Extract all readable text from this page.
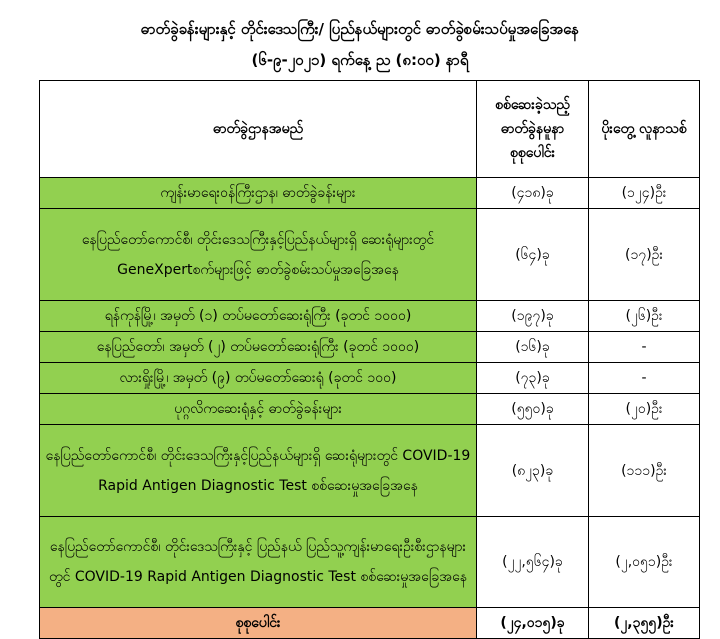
ဓာတ်ခွဲခန်းများနှင့် တိုင်းဒေသကြီး/ ပြည်နယ်များတွင် ဓာတ်ခွဲစမ်းသပ်မှုအခြေအနေ
(၆-၉-၂၀၂၁) ရက်နေ့ ည (၈:၀၀) နာရီ
ဓာတ်ခွဲဌာနအမည်	စစ်ဆေးခဲ့သည့် ဓာတ်ခွဲနမူနာ စုစုပေါင်း	ပိုးတွေ့ လူနာသစ်
ကျန်းမာရေးဝန်ကြီးဌာန၊ ဓာတ်ခွဲခန်းများ	(၄၁၈)ခု	(၁၂၄)ဦး
နေပြည်တော်ကောင်စီ၊ တိုင်းဒေသကြီးနှင့်ပြည်နယ်များရှိ ဆေးရုံများတွင် GeneXpertစက်များဖြင့် ဓာတ်ခွဲစမ်းသပ်မှုအခြေအနေ	(၆၄)ခု	(၁၇)ဦး
ရန်ကုန်မြို့၊ အမှတ် (၁) တပ်မတော်ဆေးရုံကြီး (ခုတင် ၁၀၀၀)	(၁၉၇)ခု	(၂၆)ဦး
နေပြည်တော်၊ အမှတ် (၂) တပ်မတော်ဆေးရုံကြီး (ခုတင် ၁၀၀၀)	(၁၆)ခု	-
လားရှိုးမြို့၊ အမှတ် (၉) တပ်မတော်ဆေးရုံ (ခုတင် ၁၀၀)	(၇၃)ခု	-
ပုဂ္ဂလိကဆေးရုံနှင့် ဓာတ်ခွဲခန်းများ	(၅၅၀)ခု	(၂၀)ဦး
နေပြည်တော်ကောင်စီ၊ တိုင်းဒေသကြီးနှင့်ပြည်နယ်များရှိ ဆေးရုံများတွင် COVID-19 Rapid Antigen Diagnostic Test စစ်ဆေးမှုအခြေအနေ	(၈၂၃)ခု	(၁၁၁)ဦး
နေပြည်တော်ကောင်စီ၊ တိုင်းဒေသကြီးနှင့် ပြည်နယ် ပြည်သူ့ကျန်းမာရေးဦးစီးဌာနများတွင် COVID-19 Rapid Antigen Diagnostic Test စစ်ဆေးမှုအခြေအနေ	(၂၂,၅၆၄)ခု	(၂,၀၅၁)ဦး
စုစုပေါင်း	(၂၄,၀၁၅)ခု	(၂,၃၅၅)ဦး
